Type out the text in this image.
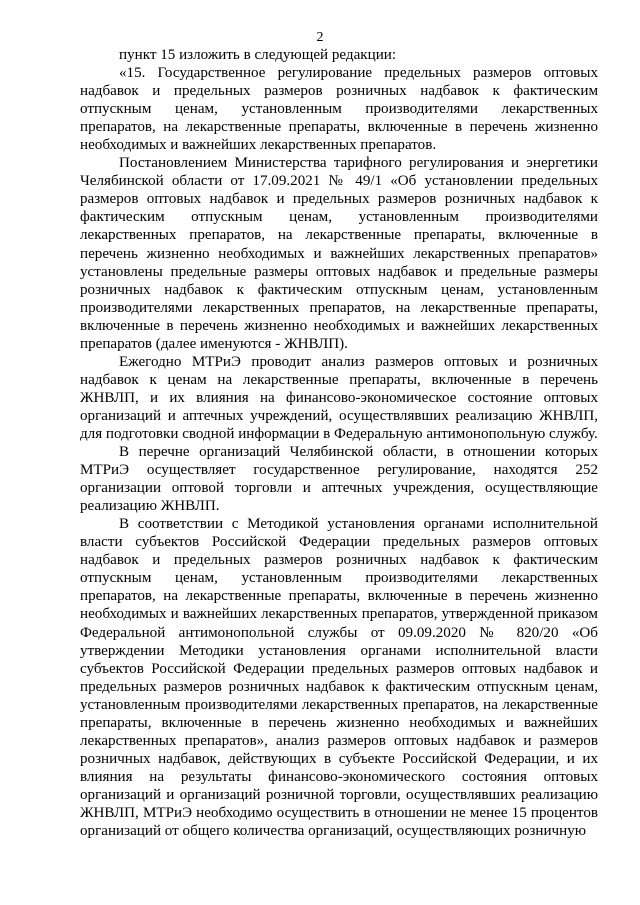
2

пункт 15 изложить в следующей редакции:

«15. Государственное регулирование предельных размеров оптовых надбавок и предельных размеров розничных надбавок к фактическим отпускным ценам, установленным производителями лекарственных препаратов, на лекарственные препараты, включенные в перечень жизненно необходимых и важнейших лекарственных препаратов.

Постановлением Министерства тарифного регулирования и энергетики Челябинской области от 17.09.2021 № 49/1 «Об установлении предельных размеров оптовых надбавок и предельных размеров розничных надбавок к фактическим отпускным ценам, установленным производителями лекарственных препаратов, на лекарственные препараты, включенные в перечень жизненно необходимых и важнейших лекарственных препаратов» установлены предельные размеры оптовых надбавок и предельные размеры розничных надбавок к фактическим отпускным ценам, установленным производителями лекарственных препаратов, на лекарственные препараты, включенные в перечень жизненно необходимых и важнейших лекарственных препаратов (далее именуются - ЖНВЛП).

Ежегодно МТРиЭ проводит анализ размеров оптовых и розничных надбавок к ценам на лекарственные препараты, включенные в перечень ЖНВЛП, и их влияния на финансово-экономическое состояние оптовых организаций и аптечных учреждений, осуществлявших реализацию ЖНВЛП, для подготовки сводной информации в Федеральную антимонопольную службу.

В перечне организаций Челябинской области, в отношении которых МТРиЭ осуществляет государственное регулирование, находятся 252 организации оптовой торговли и аптечных учреждения, осуществляющие реализацию ЖНВЛП.

В соответствии с Методикой установления органами исполнительной власти субъектов Российской Федерации предельных размеров оптовых надбавок и предельных размеров розничных надбавок к фактическим отпускным ценам, установленным производителями лекарственных препаратов, на лекарственные препараты, включенные в перечень жизненно необходимых и важнейших лекарственных препаратов, утвержденной приказом Федеральной антимонопольной службы от 09.09.2020 № 820/20 «Об утверждении Методики установления органами исполнительной власти субъектов Российской Федерации предельных размеров оптовых надбавок и предельных размеров розничных надбавок к фактическим отпускным ценам, установленным производителями лекарственных препаратов, на лекарственные препараты, включенные в перечень жизненно необходимых и важнейших лекарственных препаратов», анализ размеров оптовых надбавок и размеров розничных надбавок, действующих в субъекте Российской Федерации, и их влияния на результаты финансово-экономического состояния оптовых организаций и организаций розничной торговли, осуществлявших реализацию ЖНВЛП, МТРиЭ необходимо осуществить в отношении не менее 15 процентов организаций от общего количества организаций, осуществляющих розничную
